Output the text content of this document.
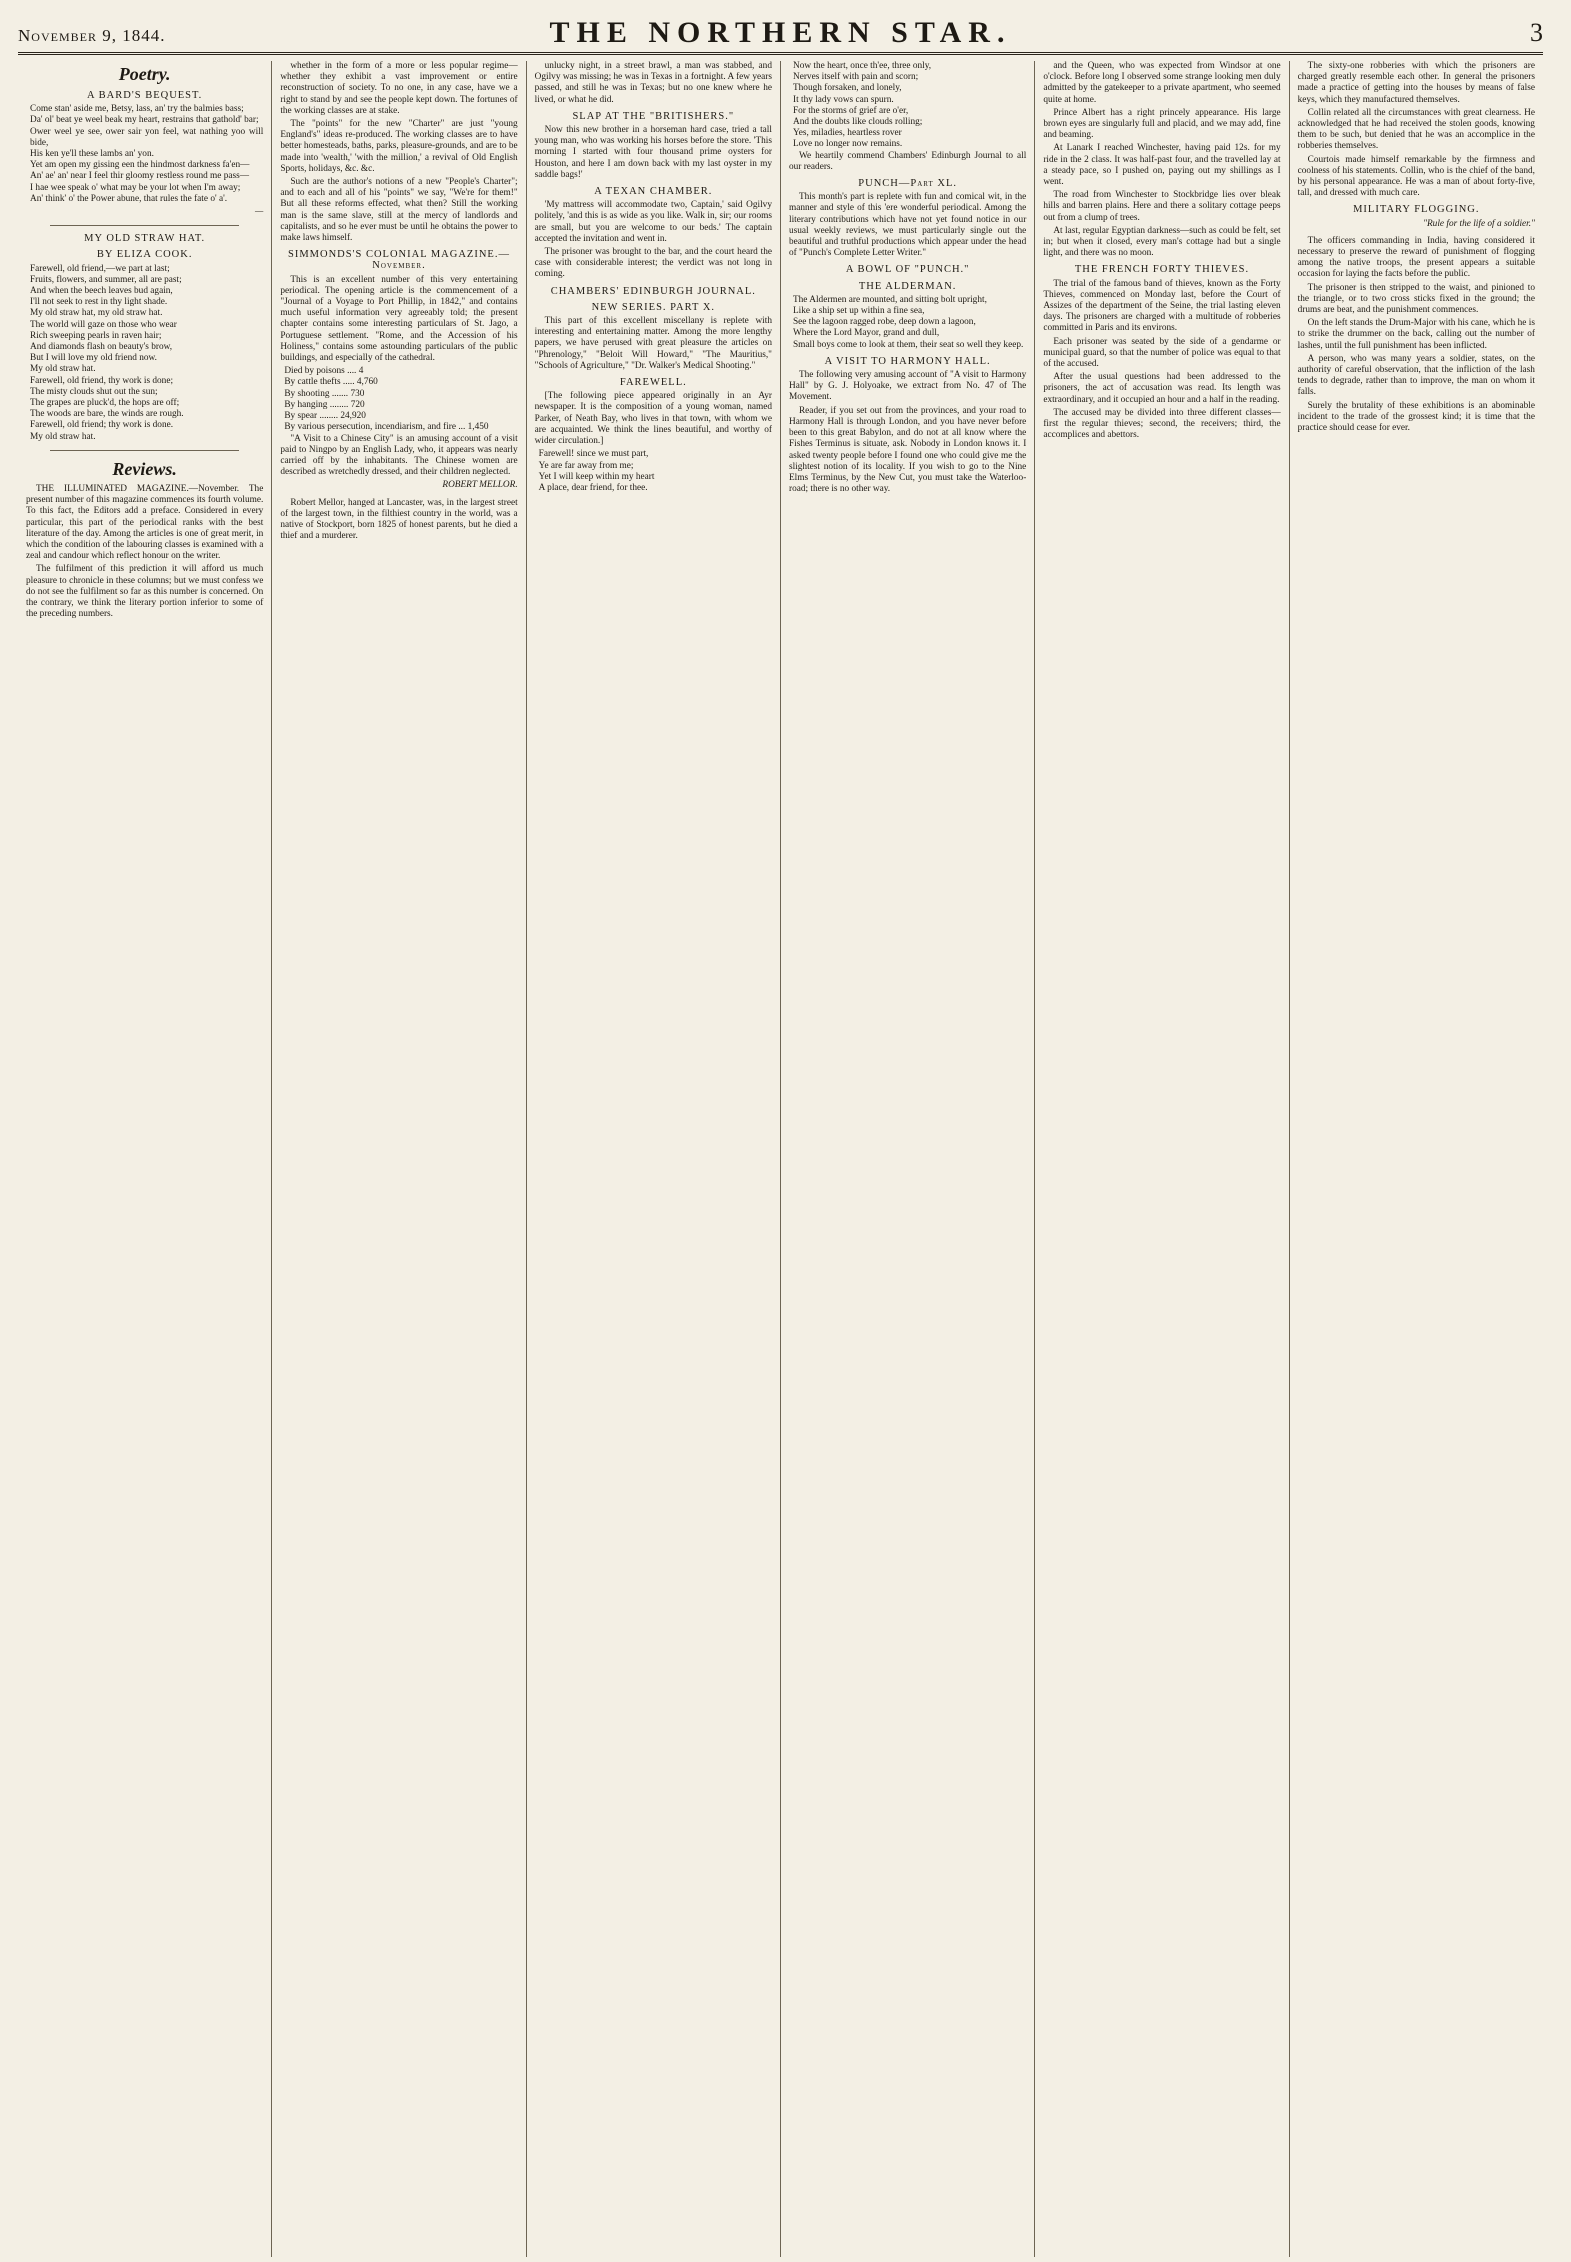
November 9, 1844.	THE NORTHERN STAR.	3
Poetry.
A BARD'S BEQUEST.
Come stan' aside me, Betsy, lass, an' try the balmies bass;
Da' ol' beat ye weel beak my heart, restrains that gathold' bar;
Ower weel ye see, ower sair yon feel, wat nathing yoo will bide,
His ken ye'll these lambs an' yon.
Yet am open my gissing een the hindmost darkness fa'en—
An' ae' an' near I feel thir gloomy restless round me pass—
I hae wee speak o' what may be your lot when I'm away;
An' think' o' the Power abune, that rules the fate o' a'.
—
MY OLD STRAW HAT.
BY ELIZA COOK.
Farewell, old friend,—we part at last;
Fruits, flowers, and summer, all are past;
And when the beech leaves bud again,
I'll not seek to rest in thy light shade.
My old straw hat, my old straw hat.
The world will gaze on those who wear
Rich sweeping pearls in raven hair;
And diamonds flash on beauty's brow,
But I will love my old friend now.
My old straw hat.
Farewell, old friend, thy work is done;
The misty clouds shut out the sun;
The grapes are pluck'd, the hops are off;
The woods are bare, the winds are rough.
Farewell, old friend; thy work is done.
My old straw hat.
Reviews.
THE ILLUMINATED MAGAZINE.—November. The present number of this magazine commences its fourth volume. To this fact, the Editors add a preface. Considered in every particular, this part of the periodical ranks with the best literature of the day. Among the articles is one of great merit, in which the condition of the labouring classes is examined with a zeal and candour which reflect honour on the writer.
The fulfilment of this prediction it will afford us much pleasure to chronicle in these columns; but we must confess we do not see the fulfilment so far as this number is concerned. On the contrary, we think the literary portion inferior to some of the preceding numbers.
whether in the form of a more or less popular regime—whether they exhibit a vast improvement or entire reconstruction of society. To no one, in any case, have we a right to stand by and see the people kept down. The fortunes of the working classes are at stake.
The "points" for the new "Charter" are just "young England's" ideas re-produced. The working classes are to have better homesteads, baths, parks, pleasure-grounds, and are to be made into 'wealth,' 'with the million,' a revival of Old English Sports, holidays, &c. &c.
Such are the author's notions of a new "People's Charter"; and to each and all of his "points" we say, "We're for them!" But all these reforms effected, what then? Still the working man is the same slave, still at the mercy of landlords and capitalists, and so he ever must be until he obtains the power to make laws himself.
SIMMONDS'S COLONIAL MAGAZINE.—November.
This is an excellent number of this very entertaining periodical. The opening article is the commencement of a "Journal of a Voyage to Port Phillip, in 1842," and contains much useful information very agreeably told; the present chapter contains some interesting particulars of St. Jago, a Portuguese settlement. "Rome, and the Accession of his Holiness," contains some astounding particulars of the public buildings, and especially of the cathedral.
Died by poisons .... 4
By cattle thefts ..... 4,760
By shooting ....... 730
By hanging ........ 720
By spear ........ 24,920
By various persecution, incendiarism, and fire ... 1,450
"A Visit to a Chinese City" is an amusing account of a visit paid to Ningpo by an English Lady, who, it appears was nearly carried off by the inhabitants. The Chinese women are described as wretchedly dressed, and their children neglected.
ROBERT MELLOR.
Robert Mellor, hanged at Lancaster, was, in the largest street of the largest town, in the filthiest country in the world, was a native of Stockport, born 1825 of honest parents, but he died a thief and a murderer.
unlucky night, in a street brawl, a man was stabbed, and Ogilvy was missing; he was in Texas in a fortnight. A few years passed, and still he was in Texas; but no one knew where he lived, or what he did.
SLAP AT THE "BRITISHERS."
Now this new brother in a horseman hard case, tried a tall young man, who was working his horses before the store. 'This morning I started with four thousand prime oysters for Houston, and here I am down back with my last oyster in my saddle bags!'
A TEXAN CHAMBER.
'My mattress will accommodate two, Captain,' said Ogilvy politely, 'and this is as wide as you like. Walk in, sir; our rooms are small, but you are welcome to our beds.' The captain accepted the invitation and went in.
The prisoner was brought to the bar, and the court heard the case with considerable interest; the verdict was not long in coming.
CHAMBERS' EDINBURGH JOURNAL.
NEW SERIES. PART X.
This part of this excellent miscellany is replete with interesting and entertaining matter. Among the more lengthy papers, we have perused with great pleasure the articles on "Phrenology," "Beloit Will Howard," "The Mauritius," "Schools of Agriculture," "Dr. Walker's Medical Shooting."
FAREWELL.
[The following piece appeared originally in an Ayr newspaper. It is the composition of a young woman, named Parker, of Neath Bay, who lives in that town, with whom we are acquainted. We think the lines beautiful, and worthy of wider circulation.]
Farewell! since we must part,
Ye are far away from me;
Yet I will keep within my heart
A place, dear friend, for thee.
Now the heart, once th'ee, three only,
Nerves itself with pain and scorn;
Though forsaken, and lonely,
It thy lady vows can spurn.
For the storms of grief are o'er,
And the doubts like clouds rolling;
Yes, miladies, heartless rover
Love no longer now remains.
We heartily commend Chambers' Edinburgh Journal to all our readers.
PUNCH—Part XL.
This month's part is replete with fun and comical wit, in the manner and style of this 'ere wonderful periodical. Among the literary contributions which have not yet found notice in our usual weekly reviews, we must particularly single out the beautiful and truthful productions which appear under the head of "Punch's Complete Letter Writer."
A BOWL OF "PUNCH."
THE ALDERMAN.
The Aldermen are mounted, and sitting bolt upright,
Like a ship set up within a fine sea,
See the lagoon ragged robe, deep down a lagoon,
Where the Lord Mayor, grand and dull,
Small boys come to look at them, their seat so well they keep.
A VISIT TO HARMONY HALL.
The following very amusing account of "A visit to Harmony Hall" by G. J. Holyoake, we extract from No. 47 of The Movement.
Reader, if you set out from the provinces, and your road to Harmony Hall is through London, and you have never before been to this great Babylon, and do not at all know where the Fishes Terminus is situate, ask. Nobody in London knows it. I asked twenty people before I found one who could give me the slightest notion of its locality. If you wish to go to the Nine Elms Terminus, by the New Cut, you must take the Waterloo-road; there is no other way.
and the Queen, who was expected from Windsor at one o'clock. Before long I observed some strange looking men duly admitted by the gatekeeper to a private apartment, who seemed quite at home.
Prince Albert has a right princely appearance. His large brown eyes are singularly full and placid, and we may add, fine and beaming.
At Lanark I reached Winchester, having paid 12s. for my ride in the 2 class. It was half-past four, and the travelled lay at a steady pace, so I pushed on, paying out my shillings as I went.
The road from Winchester to Stockbridge lies over bleak hills and barren plains. Here and there a solitary cottage peeps out from a clump of trees.
At last, regular Egyptian darkness—such as could be felt, set in; but when it closed, every man's cottage had but a single light, and there was no moon.
THE FRENCH FORTY THIEVES.
The trial of the famous band of thieves, known as the Forty Thieves, commenced on Monday last, before the Court of Assizes of the department of the Seine, the trial lasting eleven days. The prisoners are charged with a multitude of robberies committed in Paris and its environs.
Each prisoner was seated by the side of a gendarme or municipal guard, so that the number of police was equal to that of the accused.
After the usual questions had been addressed to the prisoners, the act of accusation was read. Its length was extraordinary, and it occupied an hour and a half in the reading.
The accused may be divided into three different classes—first the regular thieves; second, the receivers; third, the accomplices and abettors.
The sixty-one robberies with which the prisoners are charged greatly resemble each other. In general the prisoners made a practice of getting into the houses by means of false keys, which they manufactured themselves.
Collin related all the circumstances with great clearness. He acknowledged that he had received the stolen goods, knowing them to be such, but denied that he was an accomplice in the robberies themselves.
Courtois made himself remarkable by the firmness and coolness of his statements. Collin, who is the chief of the band, by his personal appearance. He was a man of about forty-five, tall, and dressed with much care.
MILITARY FLOGGING.
"Rule for the life of a soldier."
The officers commanding in India, having considered it necessary to preserve the reward of punishment of flogging among the native troops, the present appears a suitable occasion for laying the facts before the public.
The prisoner is then stripped to the waist, and pinioned to the triangle, or to two cross sticks fixed in the ground; the drums are beat, and the punishment commences.
On the left stands the Drum-Major with his cane, which he is to strike the drummer on the back, calling out the number of lashes, until the full punishment has been inflicted.
A person, who was many years a soldier, states, on the authority of careful observation, that the infliction of the lash tends to degrade, rather than to improve, the man on whom it falls.
Surely the brutality of these exhibitions is an abominable incident to the trade of the grossest kind; it is time that the practice should cease for ever.
